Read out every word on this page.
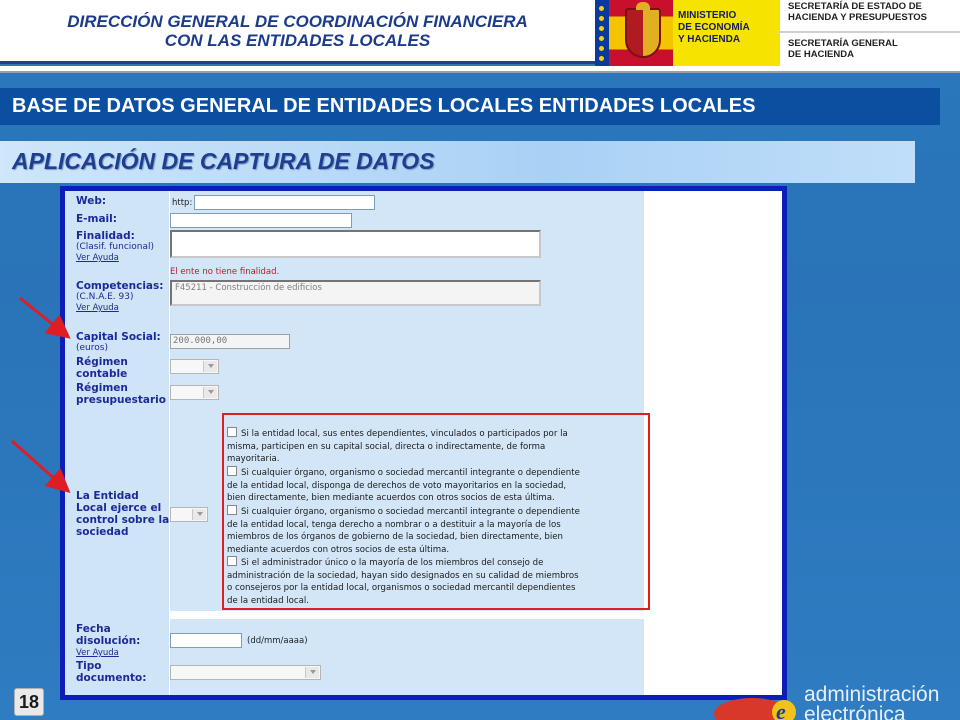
DIRECCIÓN GENERAL DE COORDINACIÓN FINANCIERA
CON LAS ENTIDADES LOCALES
MINISTERIO
DE ECONOMÍA
Y HACIENDA
SECRETARÍA DE ESTADO DE
HACIENDA Y PRESUPUESTOS
SECRETARÍA GENERAL
DE HACIENDA
BASE DE DATOS GENERAL DE ENTIDADES LOCALES ENTIDADES LOCALES
APLICACIÓN DE CAPTURA DE DATOS
Web:	http:
E-mail:
Finalidad:
(Clasif. funcional)
Ver Ayuda
El ente no tiene finalidad.
Competencias:
(C.N.A.E. 93)
Ver Ayuda
F45211 - Construcción de edificios
Capital Social:
(euros)
200.000,00
Régimen
contable
Régimen
presupuestario
La Entidad
Local ejerce el
control sobre la
sociedad
Si la entidad local, sus entes dependientes, vinculados o participados por la
misma, participen en su capital social, directa o indirectamente, de forma
mayoritaria.
Si cualquier órgano, organismo o sociedad mercantil integrante o dependiente
de la entidad local, disponga de derechos de voto mayoritarios en la sociedad,
bien directamente, bien mediante acuerdos con otros socios de esta última.
Si cualquier órgano, organismo o sociedad mercantil integrante o dependiente
de la entidad local, tenga derecho a nombrar o a destituir a la mayoría de los
miembros de los órganos de gobierno de la sociedad, bien directamente, bien
mediante acuerdos con otros socios de esta última.
Si el administrador único o la mayoría de los miembros del consejo de
administración de la sociedad, hayan sido designados en su calidad de miembros
o consejeros por la entidad local, organismos o sociedad mercantil dependientes
de la entidad local.
Fecha
disolución:
Ver Ayuda
(dd/mm/aaaa)
Tipo
documento:
18	e
administración
electrónica
